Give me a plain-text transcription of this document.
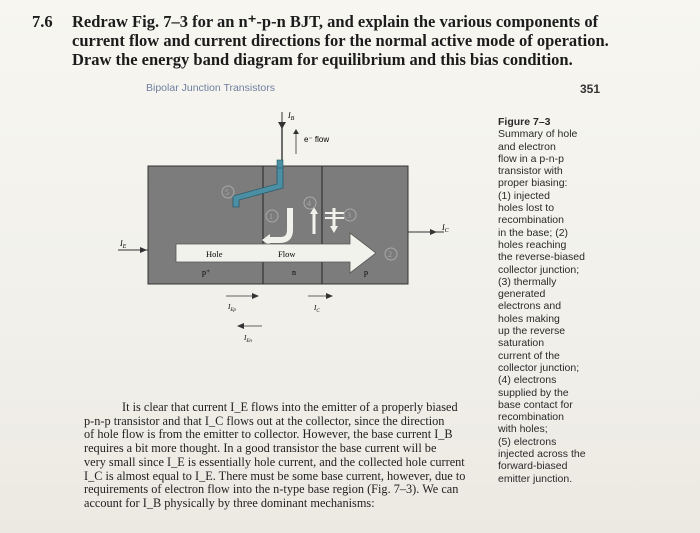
7.6 Redraw Fig. 7–3 for an n⁺-p-n BJT, and explain the various components of
current flow and current directions for the normal active mode of operation.
Draw the energy band diagram for equilibrium and this bias condition.
Bipolar Junction Transistors	351
$I_B$
e⁻ flow
Hole	Flow
p⁺	n	p
5
4
1	3
2
$I_E$
$I_C$
$I_{Ep}$
$I_{En}$
$I_C$
Figure 7–3
Summary of hole
and electron
flow in a p-n-p
transistor with
proper biasing:
(1) injected
holes lost to
recombination
in the base; (2)
holes reaching
the reverse-biased
collector junction;
(3) thermally
generated
electrons and
holes making
up the reverse
saturation
current of the
collector junction;
(4) electrons
supplied by the
base contact for
recombination
with holes;
(5) electrons
injected across the
forward-biased
emitter junction.
It is clear that current I_E flows into the emitter of a properly biased
p-n-p transistor and that I_C flows out at the collector, since the direction
of hole flow is from the emitter to collector. However, the base current I_B
requires a bit more thought. In a good transistor the base current will be
very small since I_E is essentially hole current, and the collected hole current
I_C is almost equal to I_E. There must be some base current, however, due to
requirements of electron flow into the n-type base region (Fig. 7–3). We can
account for I_B physically by three dominant mechanisms:
